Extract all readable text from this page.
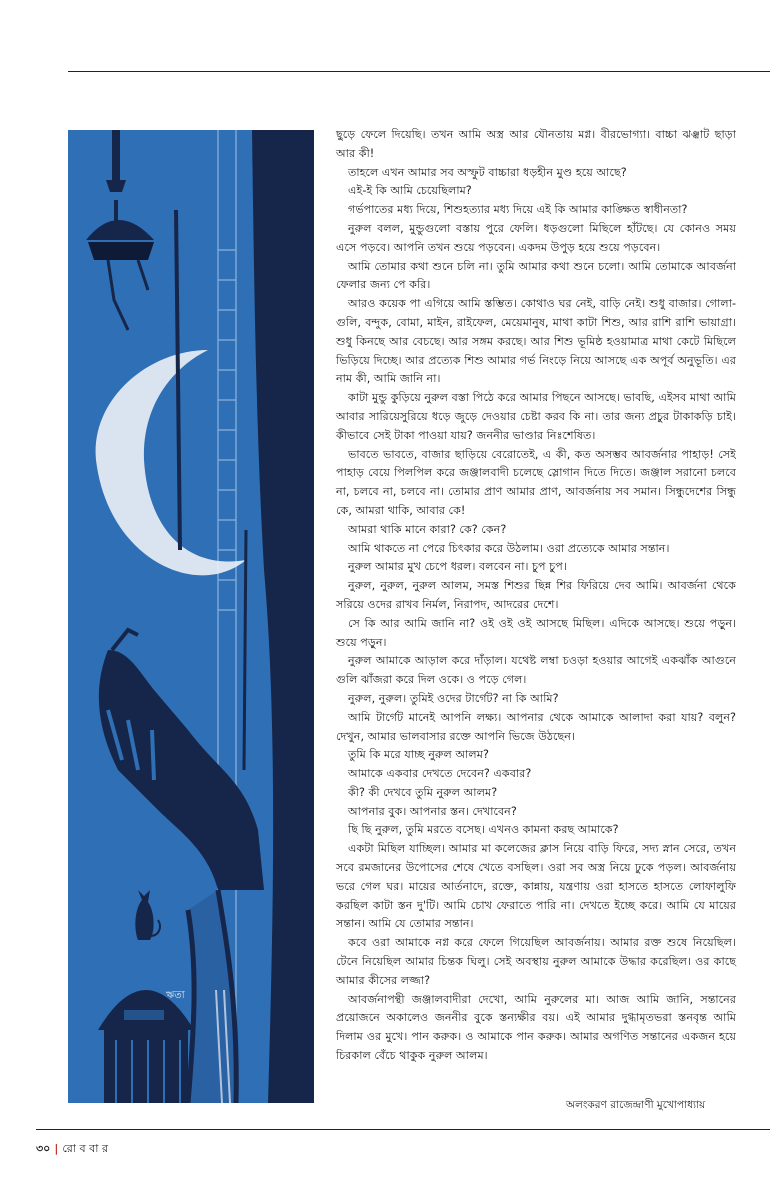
ঋতা

ছুড়ে ফেলে দিয়েছি। তখন আমি অস্ত্র আর যৌনতায় মগ্ন। বীরভোগ্যা। বাচ্চা ঝঞ্ঝাট ছাড়া আর কী!

তাহলে এখন আমার সব অস্ফুট বাচ্চারা ধড়হীন মুণ্ড হয়ে আছে?

এই-ই কি আমি চেয়েছিলাম?

গর্ভপাতের মধ্য দিয়ে, শিশুহত্যার মধ্য দিয়ে এই কি আমার কাঙ্ক্ষিত স্বাধীনতা?

নুরুল বলল, মুন্ডুগুলো বস্তায় পুরে ফেলি। ধড়গুলো মিছিলে হাঁটছে। যে কোনও সময় এসে পড়বে। আপনি তখন শুয়ে পড়বেন। একদম উপুড় হয়ে শুয়ে পড়বেন।

আমি তোমার কথা শুনে চলি না। তুমি আমার কথা শুনে চলো। আমি তোমাকে আবর্জনা ফেলার জন্য পে করি।

আরও কয়েক পা এগিয়ে আমি স্তম্ভিত। কোথাও ঘর নেই, বাড়ি নেই। শুধু বাজার। গোলা-গুলি, বন্দুক, বোমা, মাইন, রাইফেল, মেয়েমানুষ, মাথা কাটা শিশু, আর রাশি রাশি ভায়াগ্রা। শুধু কিনছে আর বেচছে। আর সঙ্গম করছে। আর শিশু ভূমিষ্ঠ হওয়ামাত্র মাথা কেটে মিছিলে ভিড়িয়ে দিচ্ছে। আর প্রত্যেক শিশু আমার গর্ভ নিংড়ে নিয়ে আসছে এক অপূর্ব অনুভূতি। এর নাম কী, আমি জানি না।

কাটা মুন্ডু কুড়িয়ে নুরুল বস্তা পিঠে করে আমার পিছনে আসছে। ভাবছি, এইসব মাথা আমি আবার সারিয়েসুরিয়ে ধড়ে জুড়ে দেওয়ার চেষ্টা করব কি না। তার জন্য প্রচুর টাকাকড়ি চাই। কীভাবে সেই টাকা পাওয়া যায়? জননীর ভাণ্ডার নিঃশেষিত।

ভাবতে ভাবতে, বাজার ছাড়িয়ে বেরোতেই, এ কী, কত অসম্ভব আবর্জনার পাহাড়! সেই পাহাড় বেয়ে পিলপিল করে জঞ্জালবাদী চলেছে স্লোগান দিতে দিতে। জঞ্জাল সরানো চলবে না, চলবে না, চলবে না। তোমার প্রাণ আমার প্রাণ, আবর্জনায় সব সমান। সিন্ধুদেশের সিন্ধু কে, আমরা থাকি, আবার কে!

আমরা থাকি মানে কারা? কে? কেন?

আমি থাকতে না পেরে চিৎকার করে উঠলাম। ওরা প্রত্যেকে আমার সন্তান।

নুরুল আমার মুখ চেপে ধরল। বলবেন না। চুপ চুপ।

নুরুল, নুরুল, নুরুল আলম, সমস্ত শিশুর ছিন্ন শির ফিরিয়ে দেব আমি। আবর্জনা থেকে সরিয়ে ওদের রাখব নির্মল, নিরাপদ, আদরের দেশে।

সে কি আর আমি জানি না? ওই ওই ওই আসছে মিছিল। এদিকে আসছে। শুয়ে পড়ুন। শুয়ে পড়ুন।

নুরুল আমাকে আড়াল করে দাঁড়াল। যথেষ্ট লম্বা চওড়া হওয়ার আগেই একঝাঁক আগুনে গুলি ঝাঁজরা করে দিল ওকে। ও পড়ে গেল।

নুরুল, নুরুল। তুমিই ওদের টার্গেট? না কি আমি?

আমি টার্গেট মানেই আপনি লক্ষ্য। আপনার থেকে আমাকে আলাদা করা যায়? বলুন? দেখুন, আমার ভালবাসার রক্তে আপনি ভিজে উঠছেন।

তুমি কি মরে যাচ্ছ নুরুল আলম?

আমাকে একবার দেখতে দেবেন? একবার?

কী? কী দেখবে তুমি নুরুল আলম?

আপনার বুক। আপনার স্তন। দেখাবেন?

ছি ছি নুরুল, তুমি মরতে বসেছ। এখনও কামনা করছ আমাকে?

একটা মিছিল যাচ্ছিল। আমার মা কলেজের ক্লাস নিয়ে বাড়ি ফিরে, সদ্য স্নান সেরে, তখন সবে রমজানের উপোসের শেষে খেতে বসছিল। ওরা সব অস্ত্র নিয়ে ঢুকে পড়ল। আবর্জনায় ভরে গেল ঘর। মায়ের আর্তনাদে, রক্তে, কান্নায়, যন্ত্রণায় ওরা হাসতে হাসতে লোফালুফি করছিল কাটা স্তন দু'টি। আমি চোখ ফেরাতে পারি না। দেখতে ইচ্ছে করে। আমি যে মায়ের সন্তান। আমি যে তোমার সন্তান।

কবে ওরা আমাকে নগ্ন করে ফেলে গিয়েছিল আবর্জনায়। আমার রক্ত শুষে নিয়েছিল। টেনে নিয়েছিল আমার চিন্তক ঘিলু। সেই অবস্থায় নুরুল আমাকে উদ্ধার করেছিল। ওর কাছে আমার কীসের লজ্জা?

আবর্জনাপন্থী জঞ্জালবাদীরা দেখো, আমি নুরুলের মা। আজ আমি জানি, সন্তানের প্রয়োজনে অকালেও জননীর বুকে স্তন্যক্ষীর বয়। এই আমার দুগ্ধামৃতভরা স্তনবৃন্ত আমি দিলাম ওর মুখে। পান করুক। ও আমাকে পান করুক। আমার অগণিত সন্তানের একজন হয়ে চিরকাল বেঁচে থাকুক নুরুল আলম।

অলংকরণ রাজেন্দ্রাণী মুখোপাধ্যায়
৩০ | রো ব বা র
